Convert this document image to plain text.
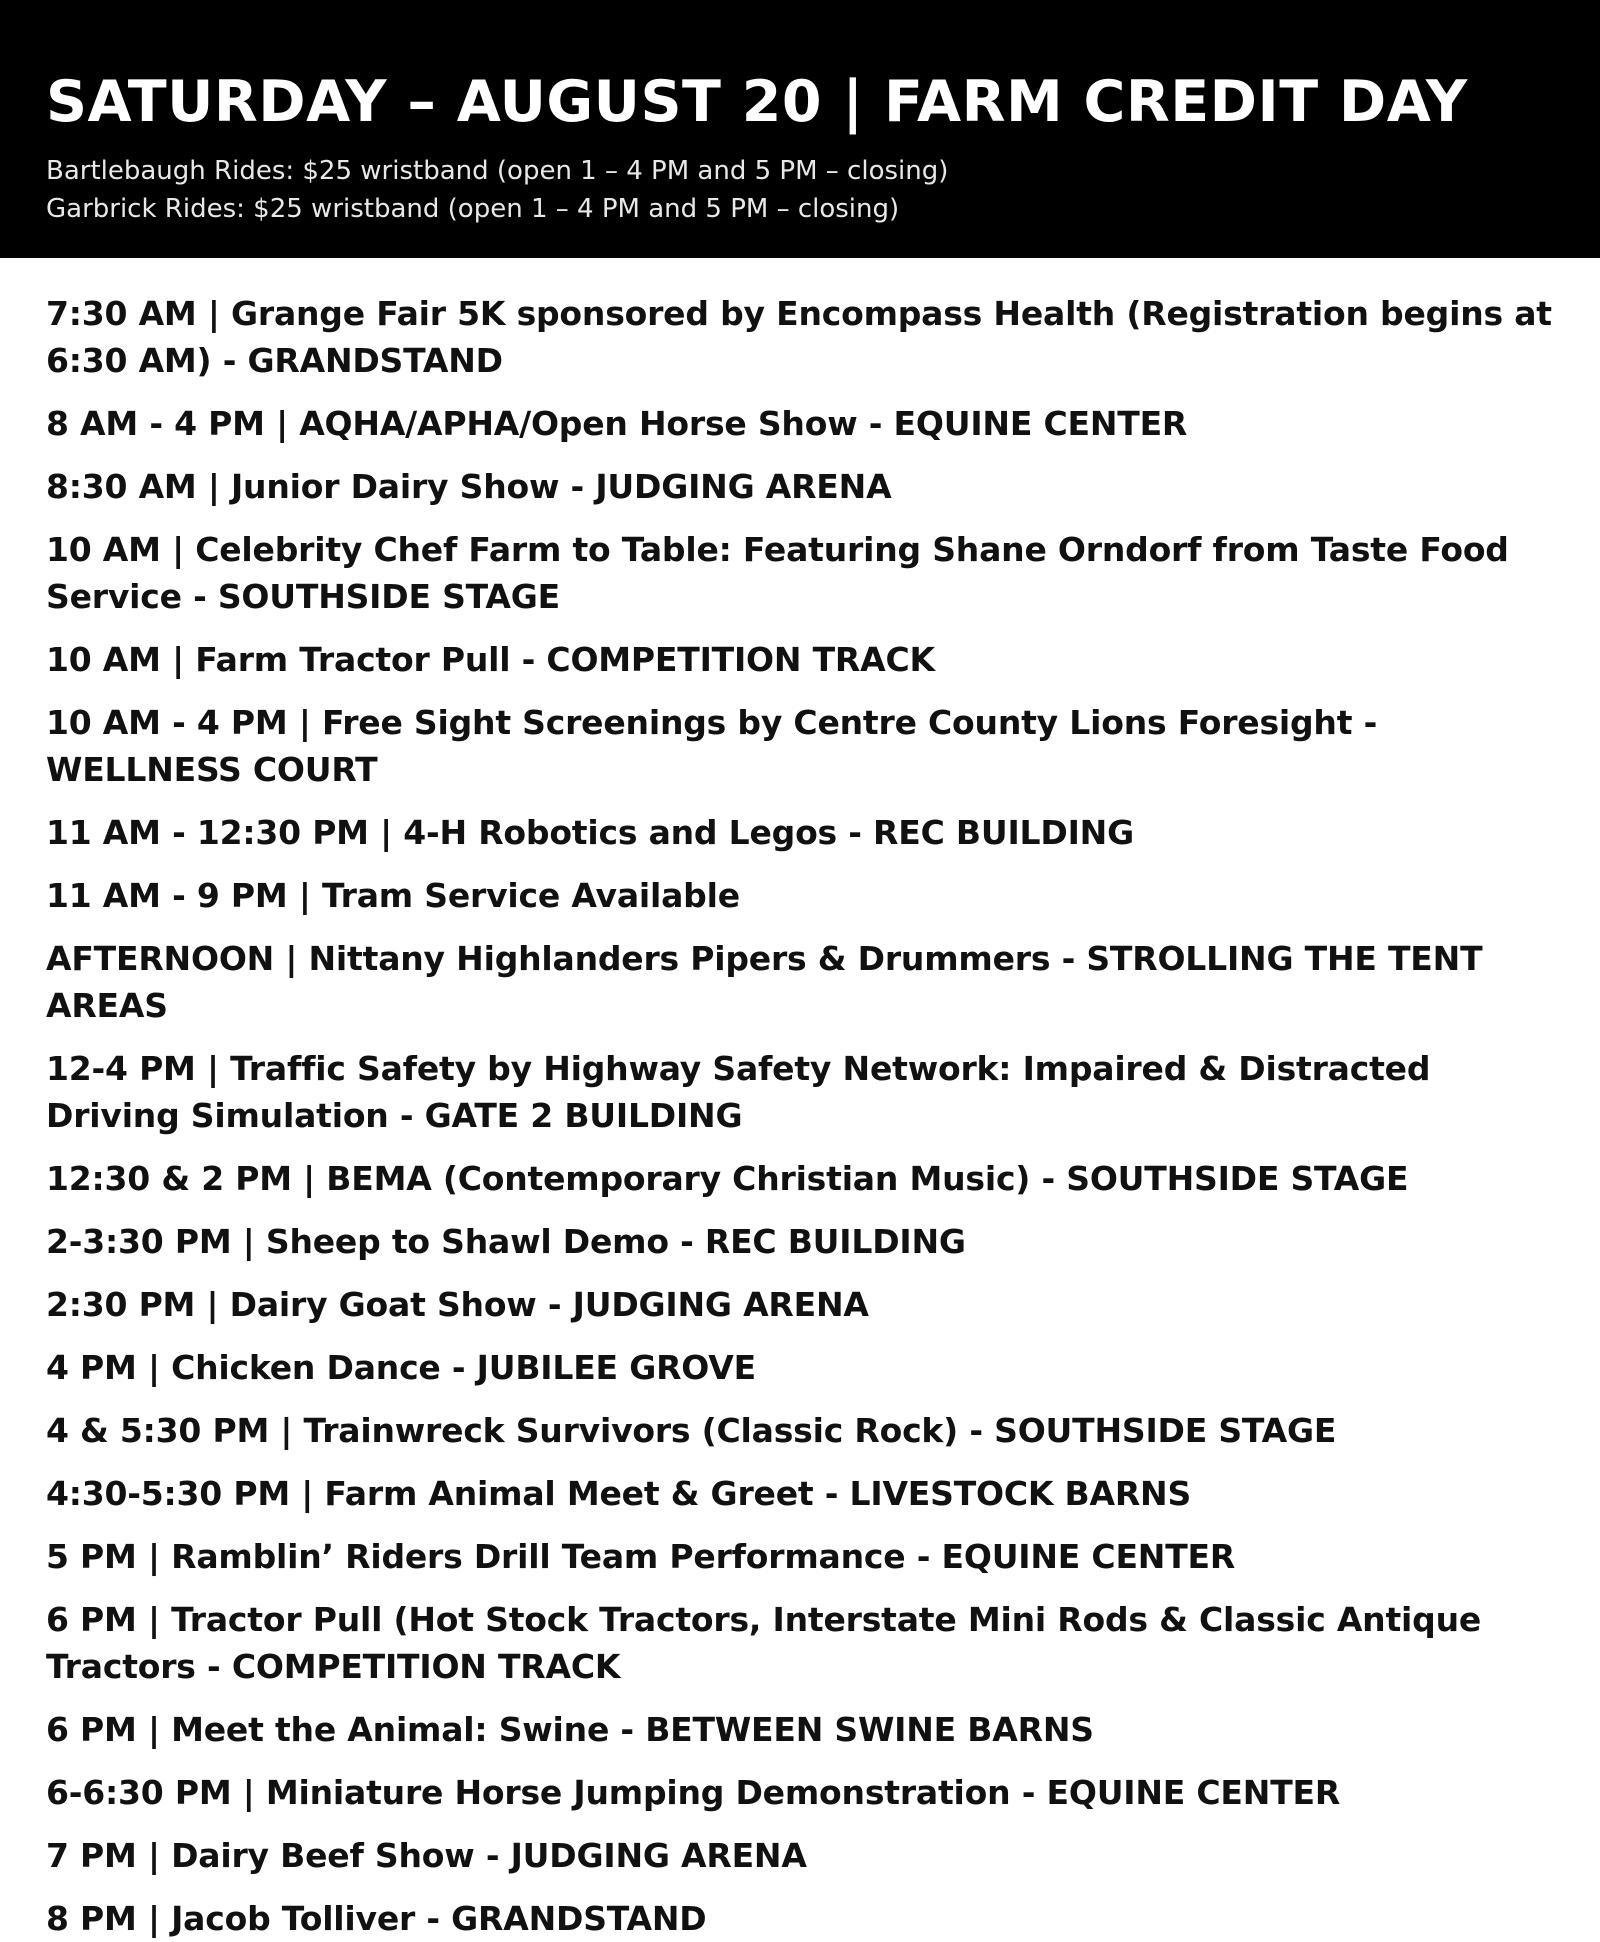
SATURDAY – AUGUST 20 | FARM CREDIT DAY
Bartlebaugh Rides: $25 wristband (open 1 – 4 PM and 5 PM – closing)
Garbrick Rides: $25 wristband (open 1 – 4 PM and 5 PM – closing)
7:30 AM | Grange Fair 5K sponsored by Encompass Health (Registration begins at 6:30 AM) - GRANDSTAND
8 AM - 4 PM | AQHA/APHA/Open Horse Show - EQUINE CENTER
8:30 AM | Junior Dairy Show - JUDGING ARENA
10 AM | Celebrity Chef Farm to Table: Featuring Shane Orndorf from Taste Food Service - SOUTHSIDE STAGE
10 AM | Farm Tractor Pull - COMPETITION TRACK
10 AM - 4 PM | Free Sight Screenings by Centre County Lions Foresight - WELLNESS COURT
11 AM - 12:30 PM | 4-H Robotics and Legos - REC BUILDING
11 AM - 9 PM | Tram Service Available
AFTERNOON | Nittany Highlanders Pipers & Drummers - STROLLING THE TENT AREAS
12-4 PM | Traffic Safety by Highway Safety Network: Impaired & Distracted Driving Simulation - GATE 2 BUILDING
12:30 & 2 PM | BEMA (Contemporary Christian Music) - SOUTHSIDE STAGE
2-3:30 PM | Sheep to Shawl Demo - REC BUILDING
2:30 PM | Dairy Goat Show - JUDGING ARENA
4 PM | Chicken Dance - JUBILEE GROVE
4 & 5:30 PM | Trainwreck Survivors (Classic Rock) - SOUTHSIDE STAGE
4:30-5:30 PM | Farm Animal Meet & Greet - LIVESTOCK BARNS
5 PM | Ramblin’ Riders Drill Team Performance - EQUINE CENTER
6 PM | Tractor Pull (Hot Stock Tractors, Interstate Mini Rods & Classic Antique Tractors - COMPETITION TRACK
6 PM | Meet the Animal: Swine - BETWEEN SWINE BARNS
6-6:30 PM | Miniature Horse Jumping Demonstration - EQUINE CENTER
7 PM | Dairy Beef Show - JUDGING ARENA
8 PM | Jacob Tolliver - GRANDSTAND
